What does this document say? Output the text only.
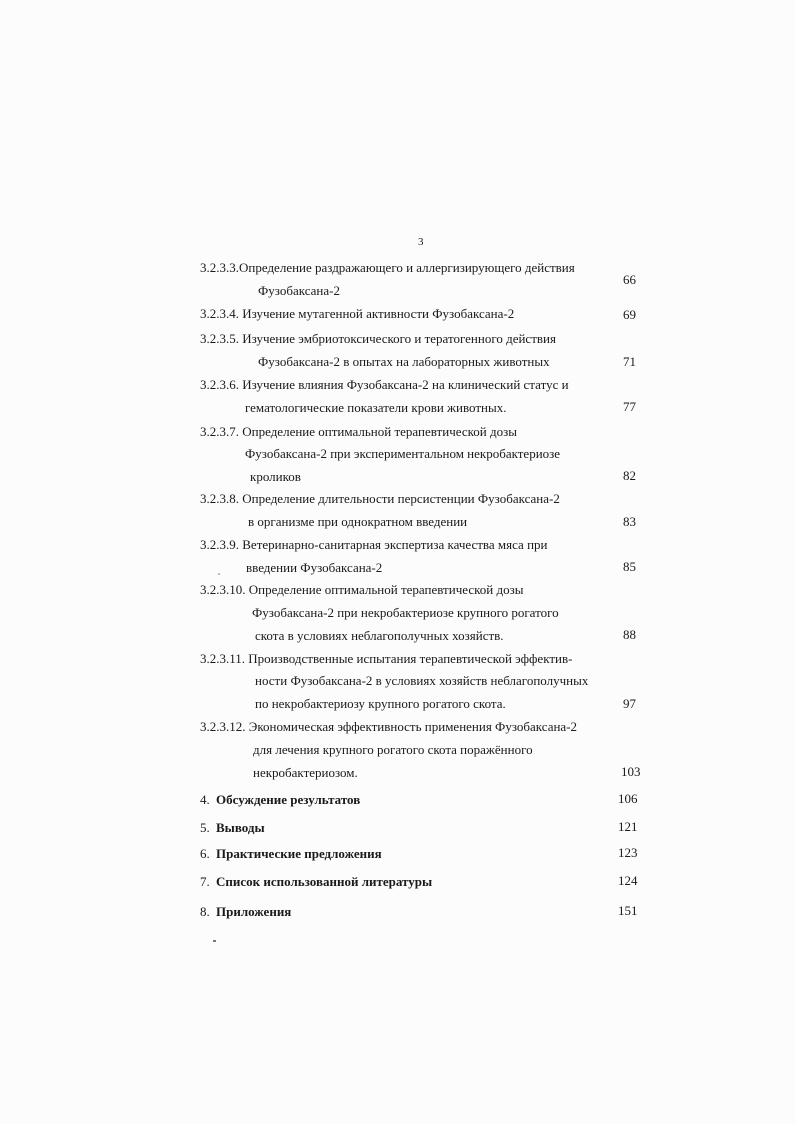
3
3.2.3.3.Определение раздражающего и аллергизирующего действия
Фузобаксана-2
66
3.2.3.4. Изучение мутагенной активности Фузобаксана-2	69
3.2.3.5. Изучение эмбриотоксического и тератогенного действия
Фузобаксана-2 в опытах на лабораторных животных	71
3.2.3.6. Изучение влияния Фузобаксана-2 на клинический статус и
гематологические показатели крови животных.	77
3.2.3.7. Определение оптимальной терапевтической дозы
Фузобаксана-2 при экспериментальном некробактериозе
кроликов	82
3.2.3.8. Определение длительности персистенции Фузобаксана-2
в организме при однократном введении	83
3.2.3.9. Ветеринарно-санитарная экспертиза качества мяса при
введении Фузобаксана-2	85
3.2.3.10. Определение оптимальной терапевтической дозы
Фузобаксана-2 при некробактериозе крупного рогатого
скота в условиях неблагополучных хозяйств.	88
3.2.3.11. Производственные испытания терапевтической эффектив-
ности Фузобаксана-2 в условиях хозяйств неблагополучных
по некробактериозу крупного рогатого скота.	97
3.2.3.12. Экономическая эффективность применения Фузобаксана-2
для лечения крупного рогатого скота поражённого
некробактериозом.	103
4. Обсуждение результатов	106
5. Выводы	121
6. Практические предложения	123
7. Список использованной литературы	124
8. Приложения	151
